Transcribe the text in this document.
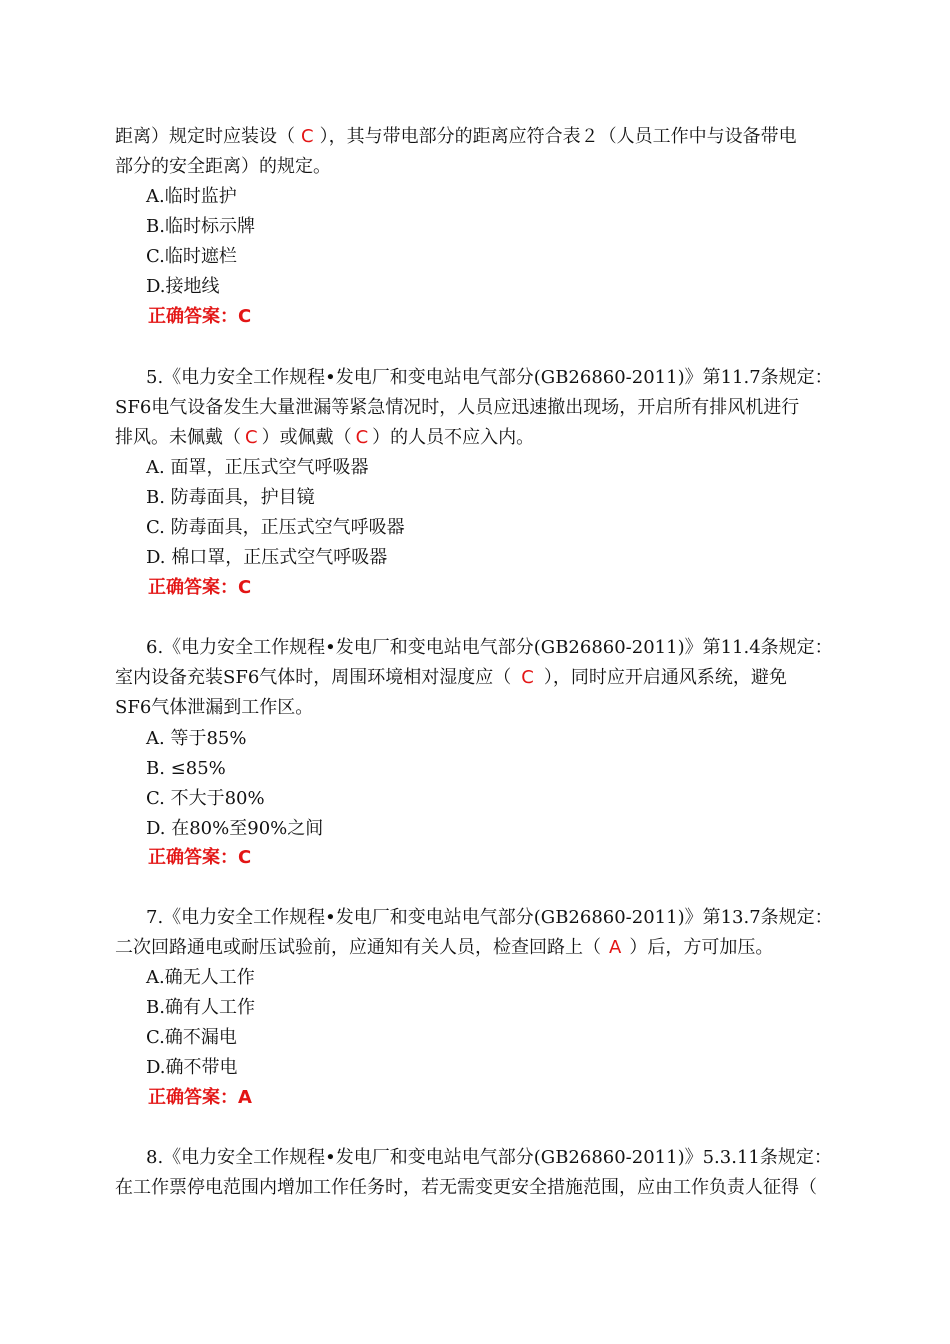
距离）规定时应装设（ C ），其与带电部分的距离应符合表２（人员工作中与设备带电
部分的安全距离）的规定。
A.临时监护
B.临时标示牌
C.临时遮栏
D.接地线
正确答案：C
5.《电力安全工作规程•发电厂和变电站电气部分(GB26860-2011)》第11.7条规定：
SF6电气设备发生大量泄漏等紧急情况时，人员应迅速撤出现场，开启所有排风机进行
排风。未佩戴（ C ）或佩戴（ C ）的人员不应入内。
A. 面罩，正压式空气呼吸器
B. 防毒面具，护目镜
C. 防毒面具，正压式空气呼吸器
D. 棉口罩，正压式空气呼吸器
正确答案：C
6.《电力安全工作规程•发电厂和变电站电气部分(GB26860-2011)》第11.4条规定：
室内设备充装SF6气体时，周围环境相对湿度应（ C ），同时应开启通风系统，避免
SF6气体泄漏到工作区。
A. 等于85%
B. ≤85%
C. 不大于80%
D. 在80%至90%之间
正确答案：C
7.《电力安全工作规程•发电厂和变电站电气部分(GB26860-2011)》第13.7条规定：
二次回路通电或耐压试验前，应通知有关人员，检查回路上（ A ）后，方可加压。
A.确无人工作
B.确有人工作
C.确不漏电
D.确不带电
正确答案：A
8.《电力安全工作规程•发电厂和变电站电气部分(GB26860-2011)》5.3.11条规定：
在工作票停电范围内增加工作任务时，若无需变更安全措施范围，应由工作负责人征得（
